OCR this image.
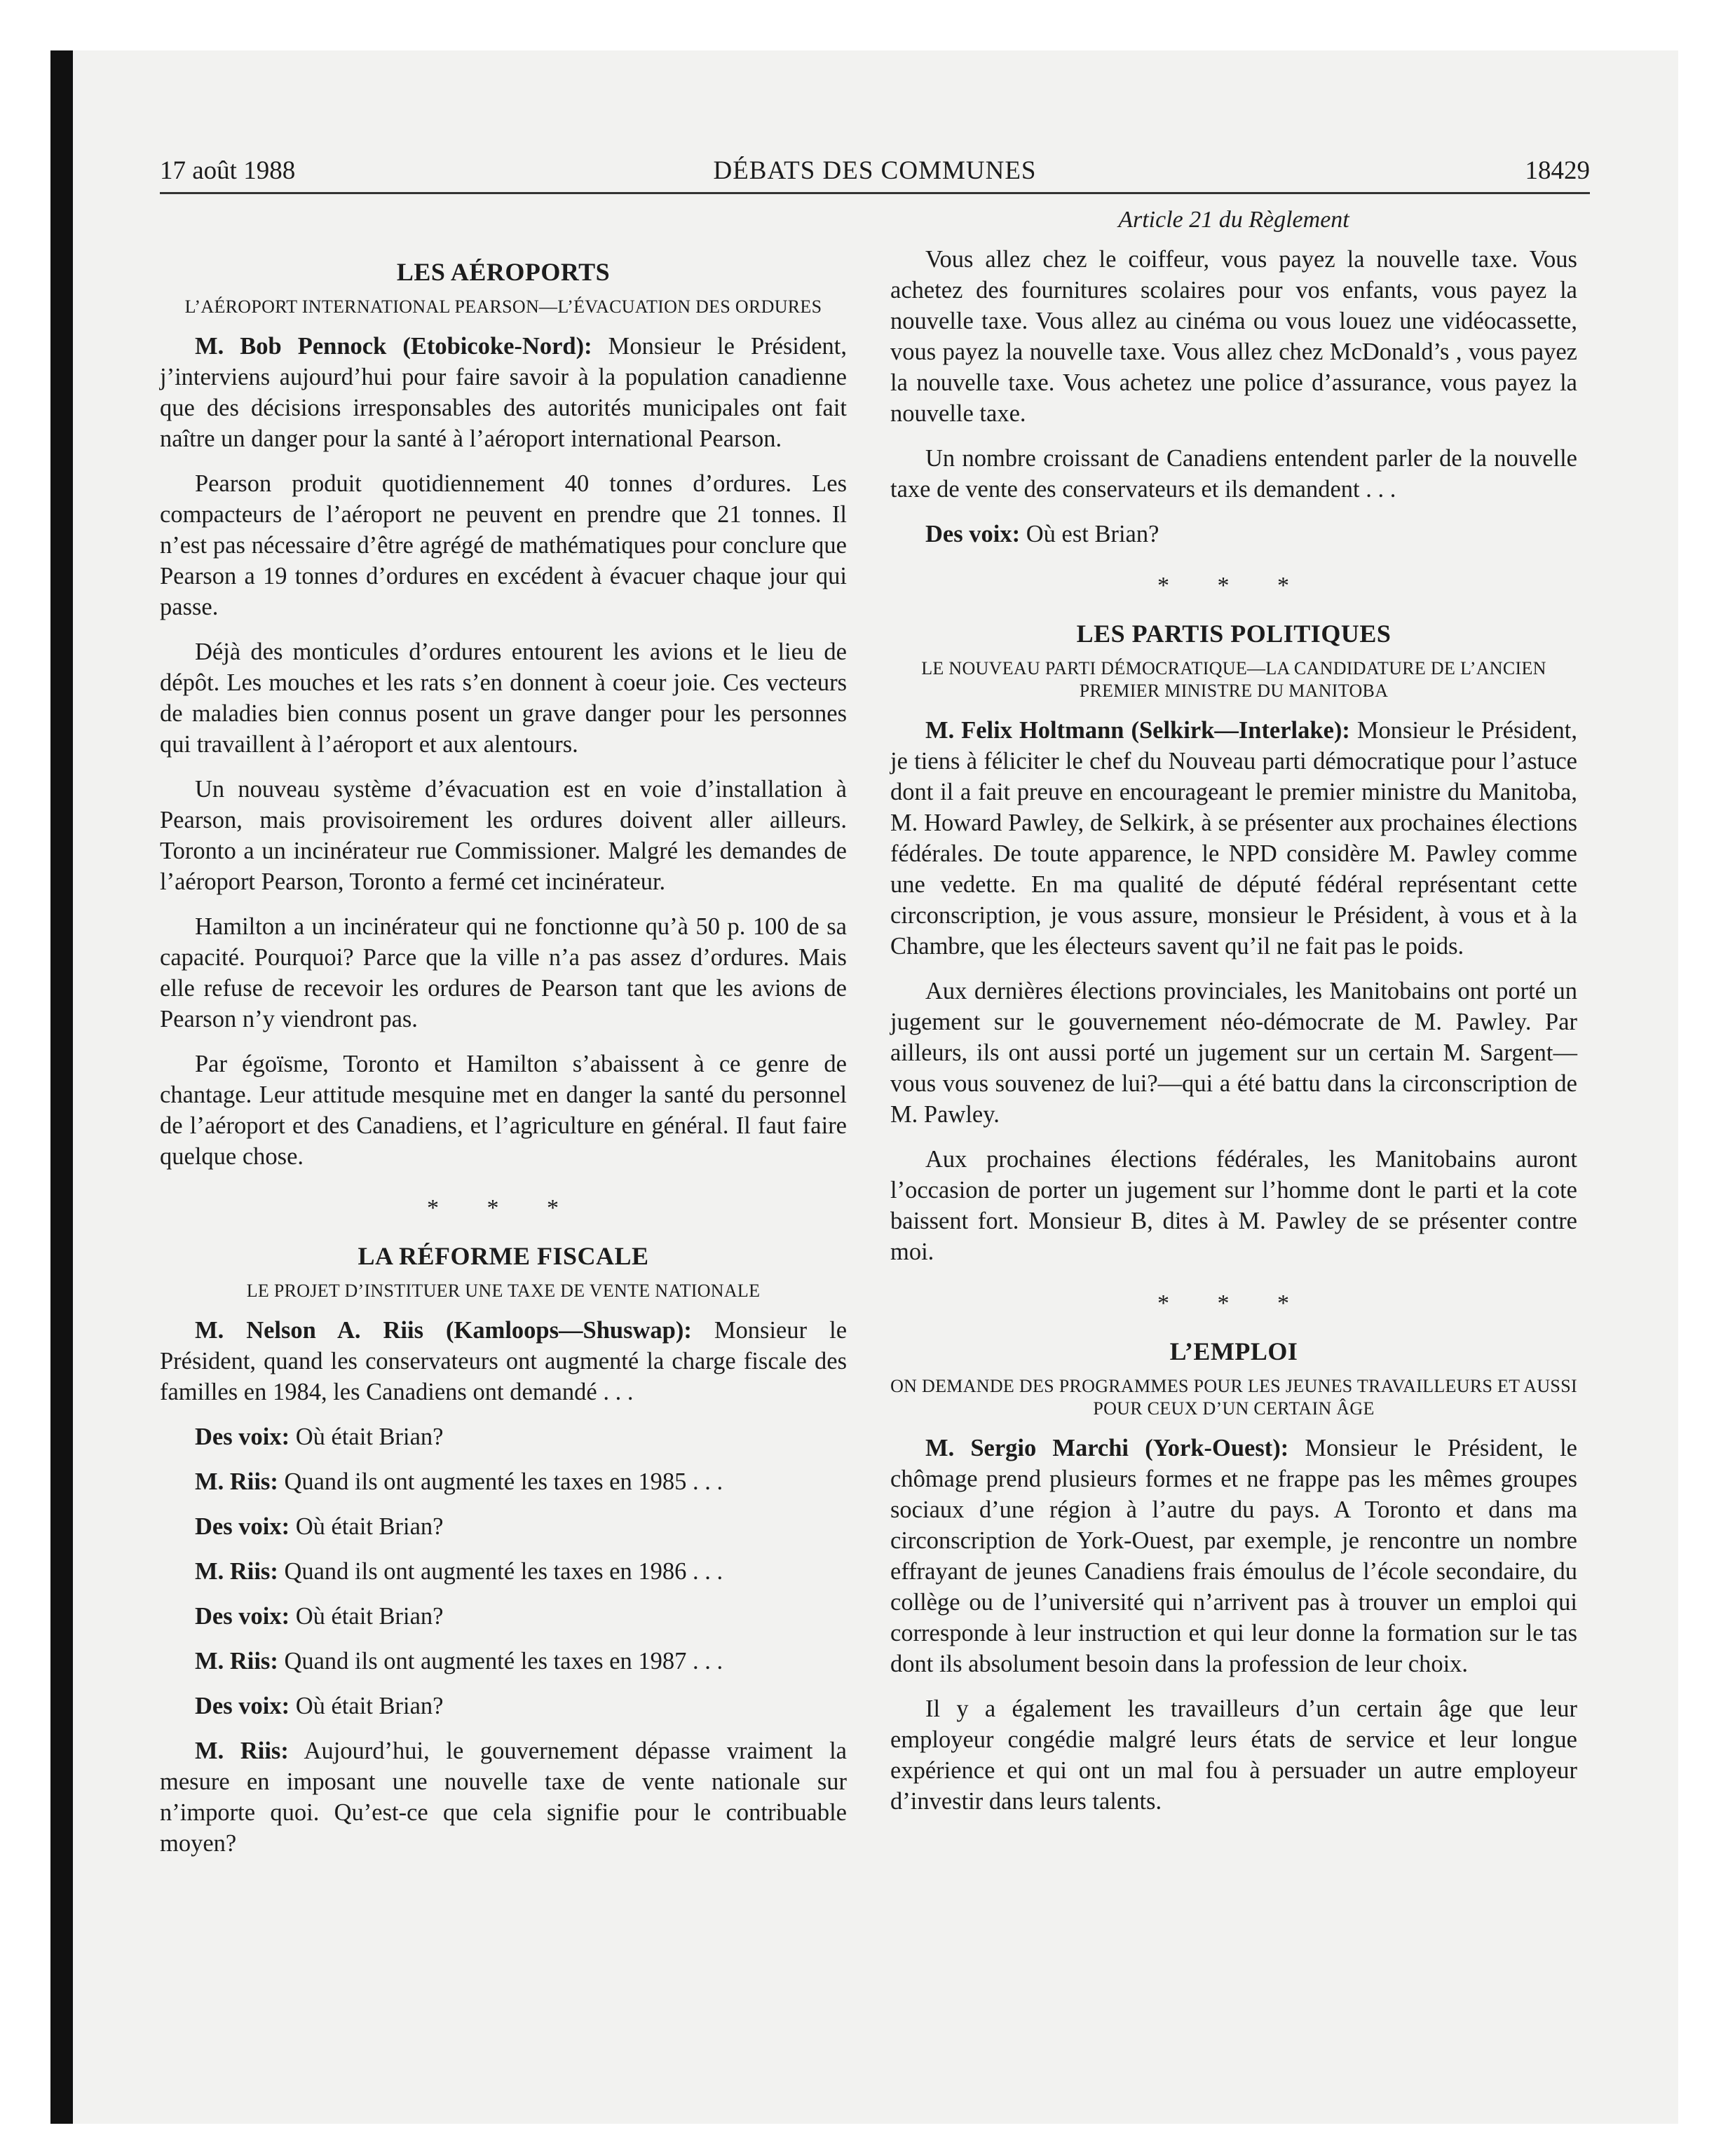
17 août 1988	DÉBATS DES COMMUNES	18429
LES AÉROPORTS
L’AÉROPORT INTERNATIONAL PEARSON—L’ÉVACUATION DES ORDURES

M. Bob Pennock (Etobicoke-Nord): Monsieur le Président, j’interviens aujourd’hui pour faire savoir à la population canadienne que des décisions irresponsables des autorités municipales ont fait naître un danger pour la santé à l’aéroport international Pearson.

Pearson produit quotidiennement 40 tonnes d’ordures. Les compacteurs de l’aéroport ne peuvent en prendre que 21 tonnes. Il n’est pas nécessaire d’être agrégé de mathématiques pour conclure que Pearson a 19 tonnes d’ordures en excédent à évacuer chaque jour qui passe.

Déjà des monticules d’ordures entourent les avions et le lieu de dépôt. Les mouches et les rats s’en donnent à coeur joie. Ces vecteurs de maladies bien connus posent un grave danger pour les personnes qui travaillent à l’aéroport et aux alentours.

Un nouveau système d’évacuation est en voie d’installation à Pearson, mais provisoirement les ordures doivent aller ailleurs. Toronto a un incinérateur rue Commissioner. Malgré les demandes de l’aéroport Pearson, Toronto a fermé cet incinérateur.

Hamilton a un incinérateur qui ne fonctionne qu’à 50 p. 100 de sa capacité. Pourquoi? Parce que la ville n’a pas assez d’ordures. Mais elle refuse de recevoir les ordures de Pearson tant que les avions de Pearson n’y viendront pas.

Par égoïsme, Toronto et Hamilton s’abaissent à ce genre de chantage. Leur attitude mesquine met en danger la santé du personnel de l’aéroport et des Canadiens, et l’agriculture en général. Il faut faire quelque chose.

* * *
LA RÉFORME FISCALE
LE PROJET D’INSTITUER UNE TAXE DE VENTE NATIONALE

M. Nelson A. Riis (Kamloops—Shuswap): Monsieur le Président, quand les conservateurs ont augmenté la charge fiscale des familles en 1984, les Canadiens ont demandé . . .

Des voix: Où était Brian?

M. Riis: Quand ils ont augmenté les taxes en 1985 . . .

Des voix: Où était Brian?

M. Riis: Quand ils ont augmenté les taxes en 1986 . . .

Des voix: Où était Brian?

M. Riis: Quand ils ont augmenté les taxes en 1987 . . .

Des voix: Où était Brian?

M. Riis: Aujourd’hui, le gouvernement dépasse vraiment la mesure en imposant une nouvelle taxe de vente nationale sur n’importe quoi. Qu’est-ce que cela signifie pour le contribuable moyen?

Article 21 du Règlement

Vous allez chez le coiffeur, vous payez la nouvelle taxe. Vous achetez des fournitures scolaires pour vos enfants, vous payez la nouvelle taxe. Vous allez au cinéma ou vous louez une vidéocassette, vous payez la nouvelle taxe. Vous allez chez McDonald’s , vous payez la nouvelle taxe. Vous achetez une police d’assurance, vous payez la nouvelle taxe.

Un nombre croissant de Canadiens entendent parler de la nouvelle taxe de vente des conservateurs et ils demandent . . .

Des voix: Où est Brian?

* * *
LES PARTIS POLITIQUES
LE NOUVEAU PARTI DÉMOCRATIQUE—LA CANDIDATURE DE L’ANCIEN PREMIER MINISTRE DU MANITOBA

M. Felix Holtmann (Selkirk—Interlake): Monsieur le Président, je tiens à féliciter le chef du Nouveau parti démocratique pour l’astuce dont il a fait preuve en encourageant le premier ministre du Manitoba, M. Howard Pawley, de Selkirk, à se présenter aux prochaines élections fédérales. De toute apparence, le NPD considère M. Pawley comme une vedette. En ma qualité de député fédéral représentant cette circonscription, je vous assure, monsieur le Président, à vous et à la Chambre, que les électeurs savent qu’il ne fait pas le poids.

Aux dernières élections provinciales, les Manitobains ont porté un jugement sur le gouvernement néo-démocrate de M. Pawley. Par ailleurs, ils ont aussi porté un jugement sur un certain M. Sargent—vous vous souvenez de lui?—qui a été battu dans la circonscription de M. Pawley.

Aux prochaines élections fédérales, les Manitobains auront l’occasion de porter un jugement sur l’homme dont le parti et la cote baissent fort. Monsieur B, dites à M. Pawley de se présenter contre moi.

* * *
L’EMPLOI
ON DEMANDE DES PROGRAMMES POUR LES JEUNES TRAVAILLEURS ET AUSSI POUR CEUX D’UN CERTAIN ÂGE

M. Sergio Marchi (York-Ouest): Monsieur le Président, le chômage prend plusieurs formes et ne frappe pas les mêmes groupes sociaux d’une région à l’autre du pays. A Toronto et dans ma circonscription de York-Ouest, par exemple, je rencontre un nombre effrayant de jeunes Canadiens frais émoulus de l’école secondaire, du collège ou de l’université qui n’arrivent pas à trouver un emploi qui corresponde à leur instruction et qui leur donne la formation sur le tas dont ils absolument besoin dans la profession de leur choix.

Il y a également les travailleurs d’un certain âge que leur employeur congédie malgré leurs états de service et leur longue expérience et qui ont un mal fou à persuader un autre employeur d’investir dans leurs talents.
